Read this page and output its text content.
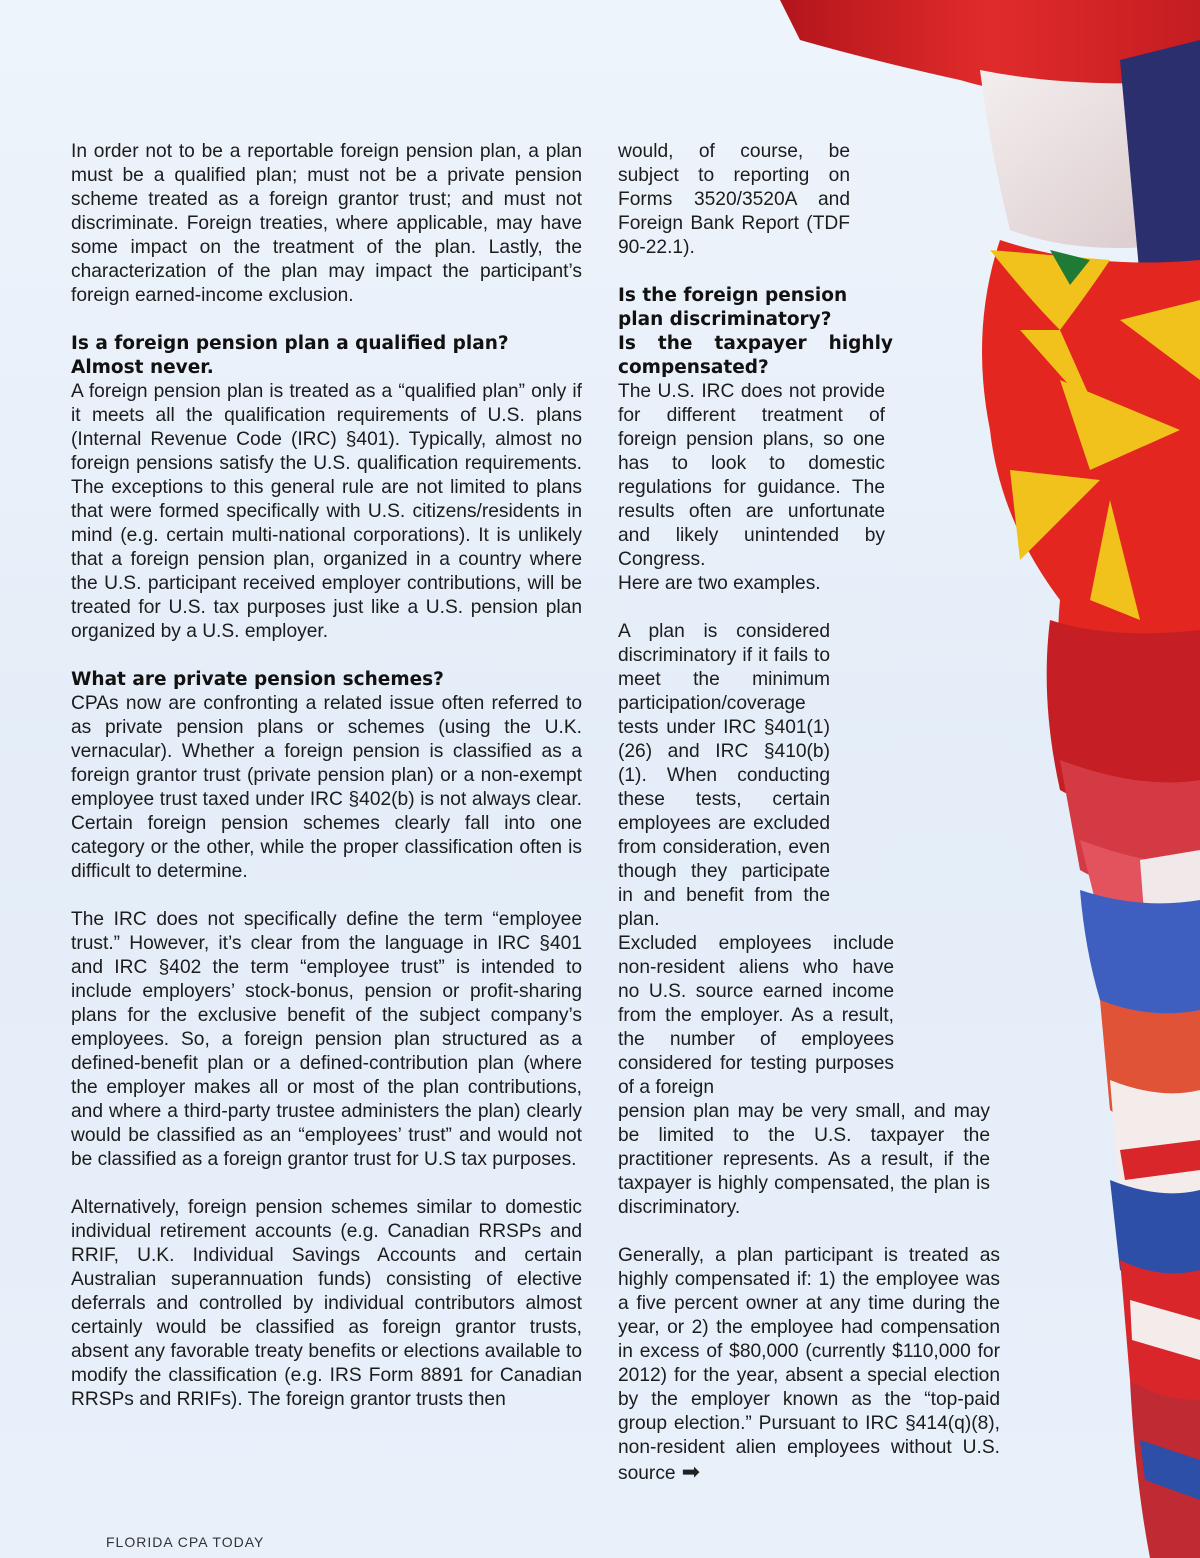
In order not to be a reportable foreign pension plan, a plan must be a qualified plan; must not be a private pension scheme treated as a foreign grantor trust; and must not discriminate. Foreign treaties, where applicable, may have some impact on the treatment of the plan. Lastly, the characterization of the plan may impact the participant’s foreign earned-income exclusion.

Is a foreign pension plan a qualified plan? Almost never.

A foreign pension plan is treated as a “qualified plan” only if it meets all the qualification requirements of U.S. plans (Internal Revenue Code (IRC) §401). Typically, almost no foreign pensions satisfy the U.S. qualification requirements. The exceptions to this general rule are not limited to plans that were formed specifically with U.S. citizens/residents in mind (e.g. certain multi-national corporations). It is unlikely that a foreign pension plan, organized in a country where the U.S. participant received employer contributions, will be treated for U.S. tax purposes just like a U.S. pension plan organized by a U.S. employer.

What are private pension schemes?

CPAs now are confronting a related issue often referred to as private pension plans or schemes (using the U.K. vernacular). Whether a foreign pension is classified as a foreign grantor trust (private pension plan) or a non-exempt employee trust taxed under IRC §402(b) is not always clear. Certain foreign pension schemes clearly fall into one category or the other, while the proper classification often is difficult to determine.

The IRC does not specifically define the term “employee trust.” However, it’s clear from the language in IRC §401 and IRC §402 the term “employee trust” is intended to include employers’ stock-bonus, pension or profit-sharing plans for the exclusive benefit of the subject company’s employees. So, a foreign pension plan structured as a defined-benefit plan or a defined-contribution plan (where the employer makes all or most of the plan contributions, and where a third-party trustee administers the plan) clearly would be classified as an “employees’ trust” and would not be classified as a foreign grantor trust for U.S tax purposes.

Alternatively, foreign pension schemes similar to domestic individual retirement accounts (e.g. Canadian RRSPs and RRIF, U.K. Individual Savings Accounts and certain Australian superannuation funds) consisting of elective deferrals and controlled by individual contributors almost certainly would be classified as foreign grantor trusts, absent any favorable treaty benefits or elections available to modify the classification (e.g. IRS Form 8891 for Canadian RRSPs and RRIFs). The foreign grantor trusts then

would, of course, be subject to reporting on Forms 3520/3520A and Foreign Bank Report (TDF 90-22.1).

Is the foreign pension plan discriminatory?
Is the taxpayer highly compensated?

The U.S. IRC does not provide for different treatment of foreign pension plans, so one has to look to domestic regulations for guidance. The results often are unfortunate and likely unintended by Congress.

Here are two examples.

A plan is considered discriminatory if it fails to meet the minimum participation/coverage tests under IRC §401(1) (26) and IRC §410(b) (1). When conducting these tests, certain employees are excluded from consideration, even though they participate in and benefit from the plan.

Excluded employees include non-resident aliens who have no U.S. source earned income from the employer. As a result, the number of employees considered for testing purposes of a foreign

pension plan may be very small, and may be limited to the U.S. taxpayer the practitioner represents. As a result, if the taxpayer is highly compensated, the plan is discriminatory.

Generally, a plan participant is treated as highly compensated if: 1) the employee was a five percent owner at any time during the year, or 2) the employee had compensation in excess of $80,000 (currently $110,000 for 2012) for the year, absent a special election by the employer known as the “top-paid group election.” Pursuant to IRC §414(q)(8), non-resident alien employees without U.S. source ➡

FLORIDA CPA TODAY
